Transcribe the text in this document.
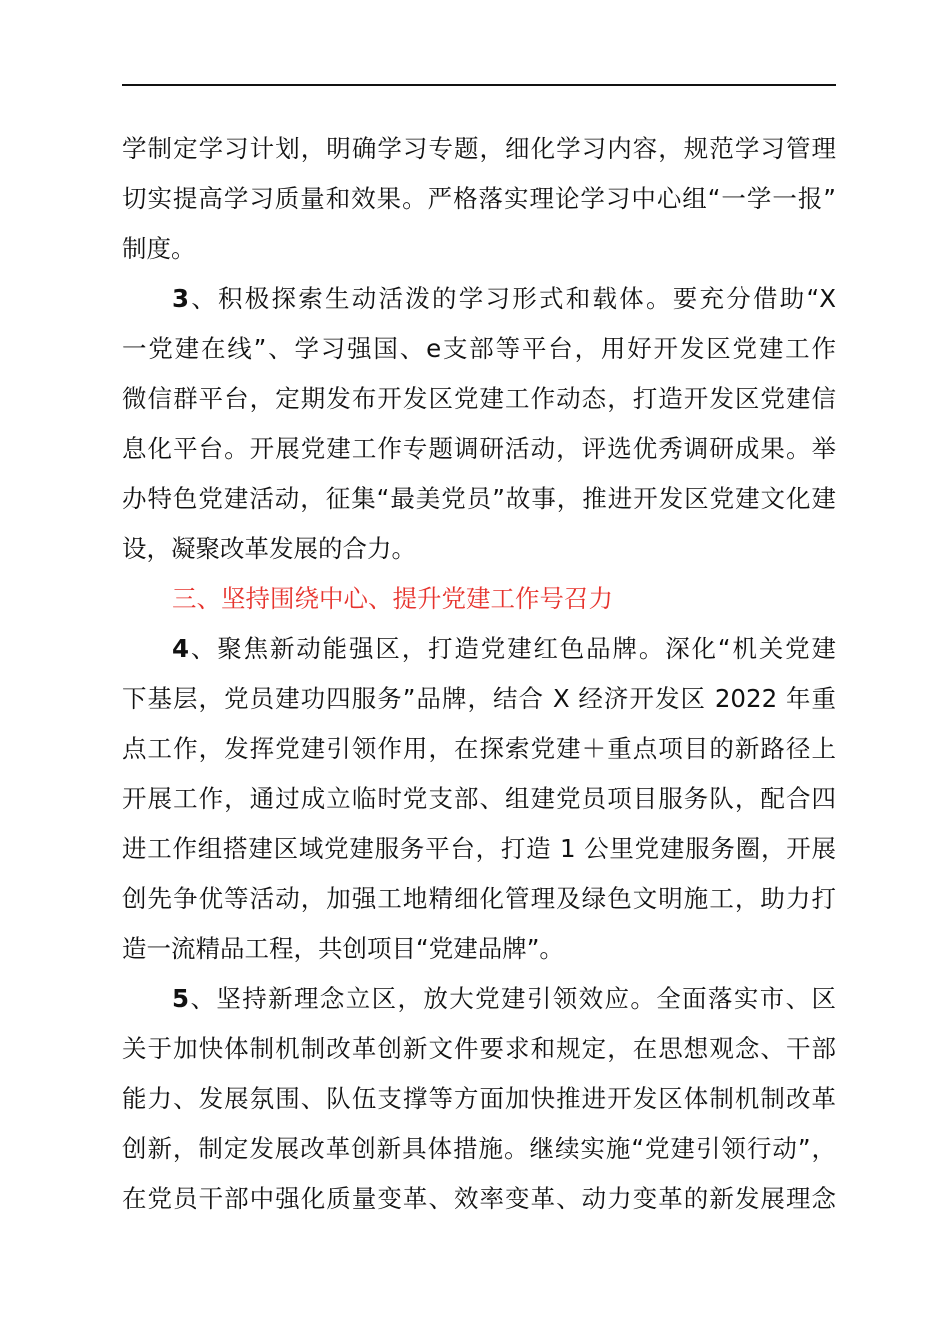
学制定学习计划，明确学习专题，细化学习内容，规范学习管理
切实提高学习质量和效果。严格落实理论学习中心组“一学一报”
制度。
3、积极探索生动活泼的学习形式和载体。要充分借助“X
一党建在线”、学习强国、e支部等平台，用好开发区党建工作
微信群平台，定期发布开发区党建工作动态，打造开发区党建信
息化平台。开展党建工作专题调研活动，评选优秀调研成果。举
办特色党建活动，征集“最美党员”故事，推进开发区党建文化建
设，凝聚改革发展的合力。
三、坚持围绕中心、提升党建工作号召力
4、聚焦新动能强区，打造党建红色品牌。深化“机关党建
下基层，党员建功四服务”品牌，结合 X 经济开发区 2022 年重
点工作，发挥党建引领作用，在探索党建＋重点项目的新路径上
开展工作，通过成立临时党支部、组建党员项目服务队，配合四
进工作组搭建区域党建服务平台，打造 1 公里党建服务圈，开展
创先争优等活动，加强工地精细化管理及绿色文明施工，助力打
造一流精品工程，共创项目“党建品牌”。
5、坚持新理念立区，放大党建引领效应。全面落实市、区
关于加快体制机制改革创新文件要求和规定，在思想观念、干部
能力、发展氛围、队伍支撑等方面加快推进开发区体制机制改革
创新，制定发展改革创新具体措施。继续实施“党建引领行动”，
在党员干部中强化质量变革、效率变革、动力变革的新发展理念
